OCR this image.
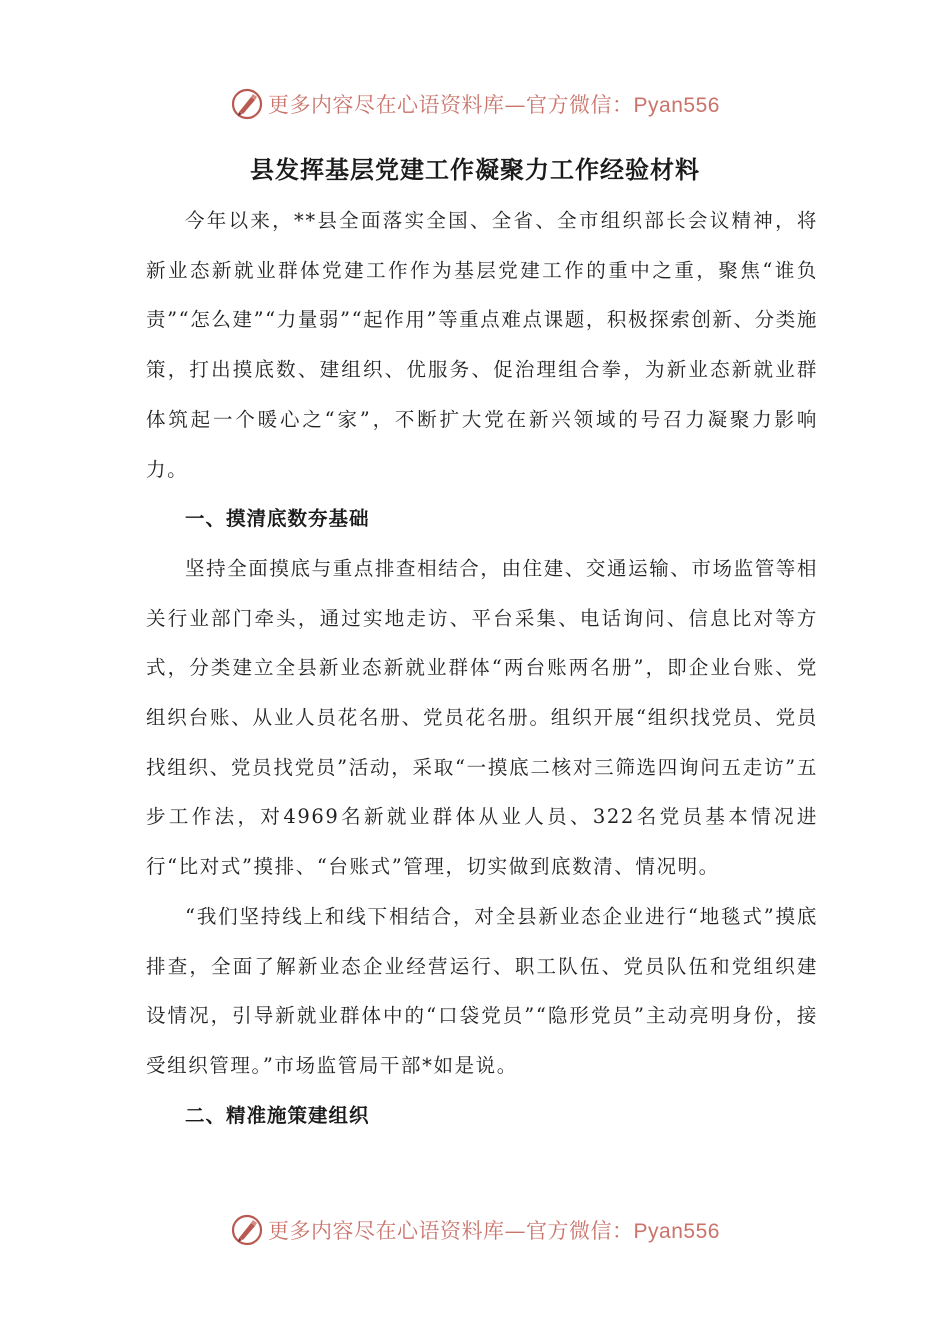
更多内容尽在心语资料库—官方微信：Pyan556
县发挥基层党建工作凝聚力工作经验材料

今年以来，**县全面落实全国、全省、全市组织部长会议精神，将新业态新就业群体党建工作作为基层党建工作的重中之重，聚焦“谁负责”“怎么建”“力量弱”“起作用”等重点难点课题，积极探索创新、分类施策，打出摸底数、建组织、优服务、促治理组合拳，为新业态新就业群体筑起一个暖心之“家”，不断扩大党在新兴领域的号召力凝聚力影响力。

一、摸清底数夯基础

坚持全面摸底与重点排查相结合，由住建、交通运输、市场监管等相关行业部门牵头，通过实地走访、平台采集、电话询问、信息比对等方式，分类建立全县新业态新就业群体“两台账两名册”，即企业台账、党组织台账、从业人员花名册、党员花名册。组织开展“组织找党员、党员找组织、党员找党员”活动，采取“一摸底二核对三筛选四询问五走访”五步工作法，对4969名新就业群体从业人员、322名党员基本情况进行“比对式”摸排、“台账式”管理，切实做到底数清、情况明。

“我们坚持线上和线下相结合，对全县新业态企业进行“地毯式”摸底排查，全面了解新业态企业经营运行、职工队伍、党员队伍和党组织建设情况，引导新就业群体中的“口袋党员”“隐形党员”主动亮明身份，接受组织管理。”市场监管局干部*如是说。

二、精准施策建组织

更多内容尽在心语资料库—官方微信：Pyan556
